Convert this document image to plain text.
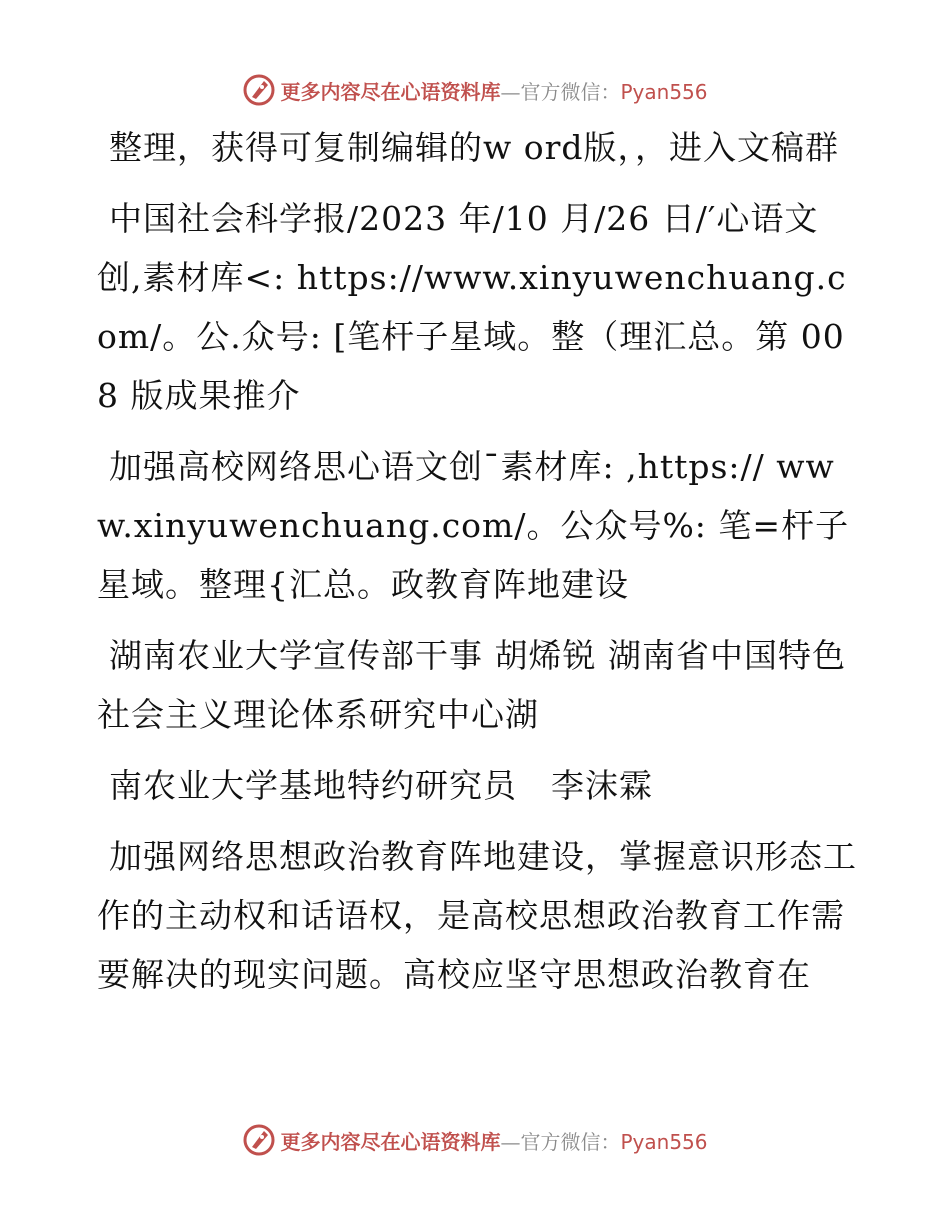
更多内容尽在心语资料库—官方微信：Pyan556

整理，获得可复制编辑的w ord版，，进入文稿群

中国社会科学报/2023 年/10 月/26 日/′心语文创,素材库<: https://www.xinyuwenchuang.com/。公.众号: [笔杆子星域。整（理汇总。第 008 版成果推介

加强高校网络思心语文创¯素材库: ,https:// www.xinyuwenchuang.com/。公众号%: 笔=杆子星域。整理{汇总。政教育阵地建设

湖南农业大学宣传部干事 胡烯锐 湖南省中国特色社会主义理论体系研究中心湖

南农业大学基地特约研究员　李沫霖

加强网络思想政治教育阵地建设，掌握意识形态工作的主动权和话语权，是高校思想政治教育工作需要解决的现实问题。高校应坚守思想政治教育在

更多内容尽在心语资料库—官方微信：Pyan556
